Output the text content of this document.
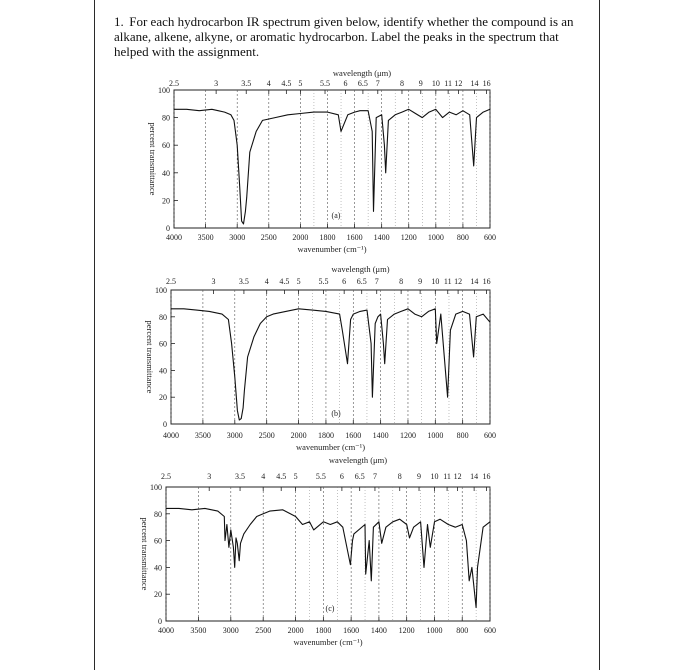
1. For each hydrocarbon IR spectrum given below, identify whether the compound is an alkane, alkene, alkyne, or aromatic hydrocarbon. Label the peaks in the spectrum that helped with the assignment.

0
20
40
60
80
100
4000 3500 3000 2500 2000 1800 1600 1400 1200 1000 800 600
2.5	3	3.5 4 4.5 5 5.5 6 6.5 7	8 9 10 11 12 14 16
wavelength (μm)
wavenumber (cm⁻¹)
percent transmittance
(a)
0
20
40
60
80
100
4000 3500 3000 2500 2000 1800 1600 1400 1200 1000 800 600
2.5	3	3.5 4 4.5 5 5.5 6 6.5 7	8 9 10 11 12 14 16
wavelength (μm)
wavenumber (cm⁻¹)
percent transmittance
(b)
0
20
40
60
80
100
4000 3500 3000 2500 2000 1800 1600 1400 1200 1000 800 600
2.5	3	3.5 4 4.5 5 5.5 6 6.5 7	8 9 10 11 12 14 16
wavelength (μm)
wavenumber (cm⁻¹)
percent transmittance
(c)
